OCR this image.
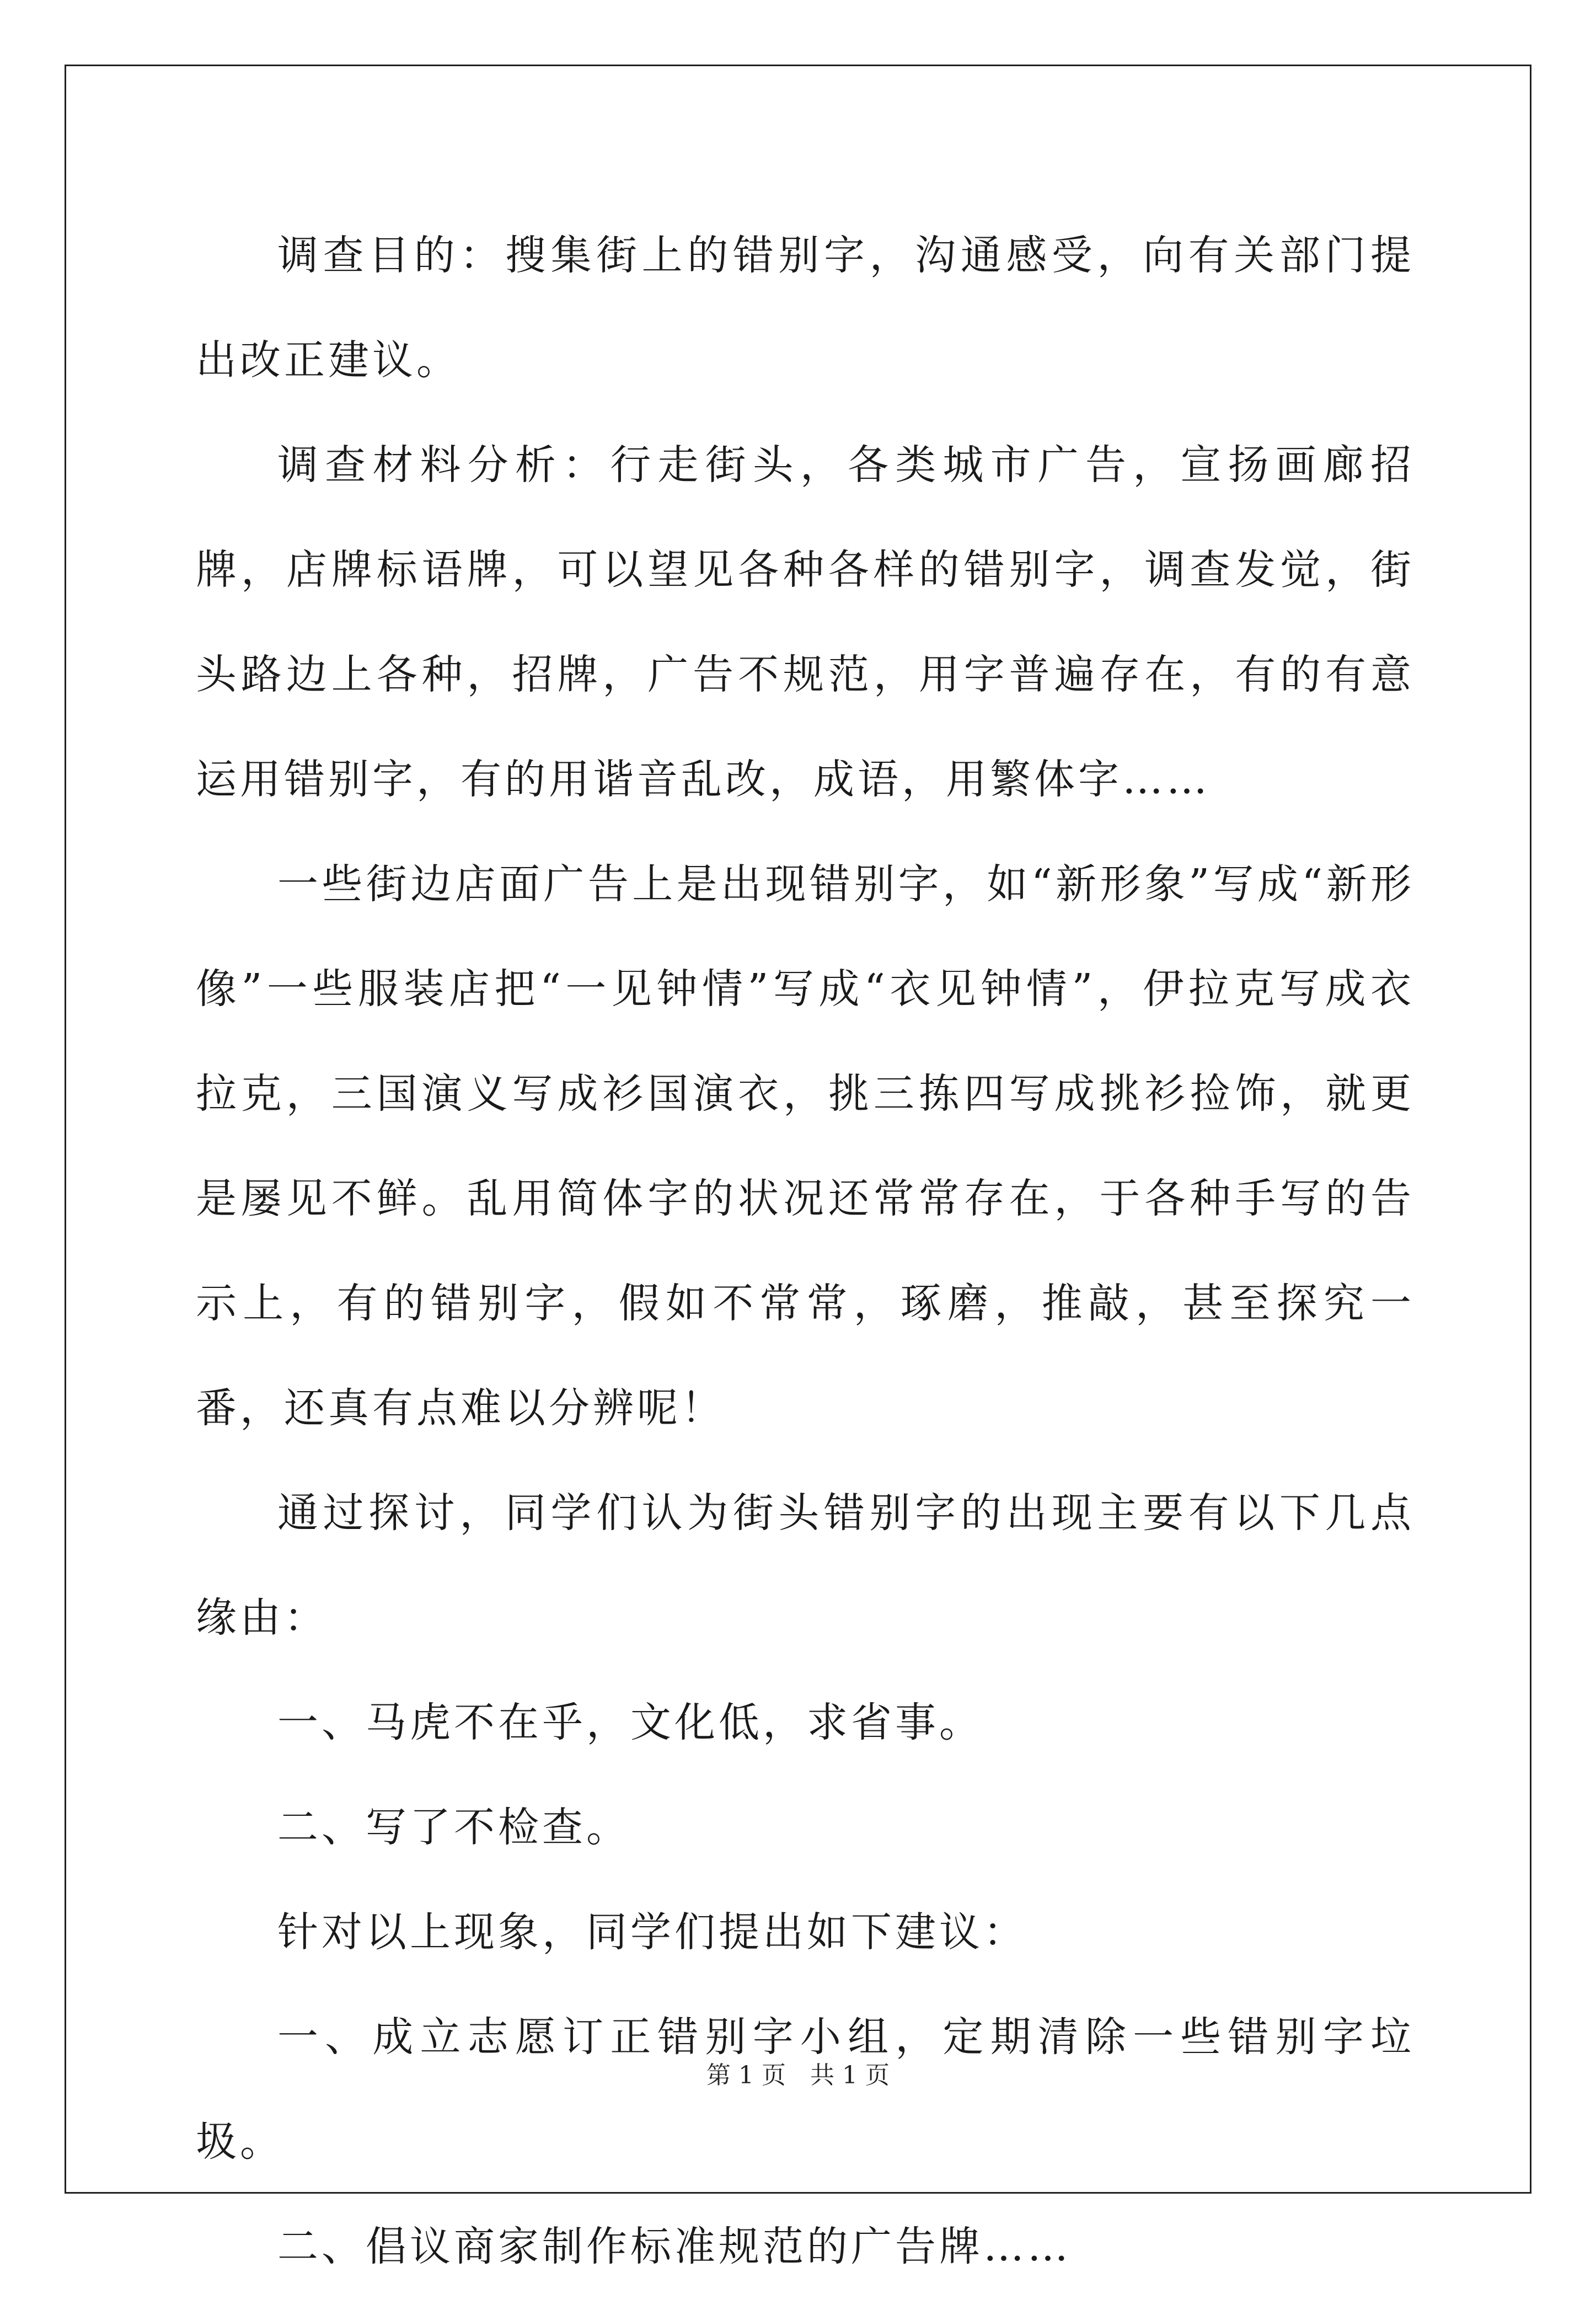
调查目的：搜集街上的错别字，沟通感受，向有关部门提出改正建议。

调查材料分析：行走街头，各类城市广告，宣扬画廊招牌，店牌标语牌，可以望见各种各样的错别字，调查发觉，街头路边上各种，招牌，广告不规范，用字普遍存在，有的有意运用错别字，有的用谐音乱改，成语，用繁体字……

一些街边店面广告上是出现错别字，如“新形象”写成“新形像”一些服装店把“一见钟情”写成“衣见钟情”，伊拉克写成衣拉克，三国演义写成衫国演衣，挑三拣四写成挑衫捡饰，就更是屡见不鲜。乱用简体字的状况还常常存在，于各种手写的告示上，有的错别字，假如不常常，琢磨，推敲，甚至探究一番，还真有点难以分辨呢！

通过探讨，同学们认为街头错别字的出现主要有以下几点缘由：

一、马虎不在乎，文化低，求省事。

二、写了不检查。

针对以上现象，同学们提出如下建议：

一、成立志愿订正错别字小组，定期清除一些错别字垃圾。

二、倡议商家制作标准规范的广告牌……

第 1 页 共 1 页
